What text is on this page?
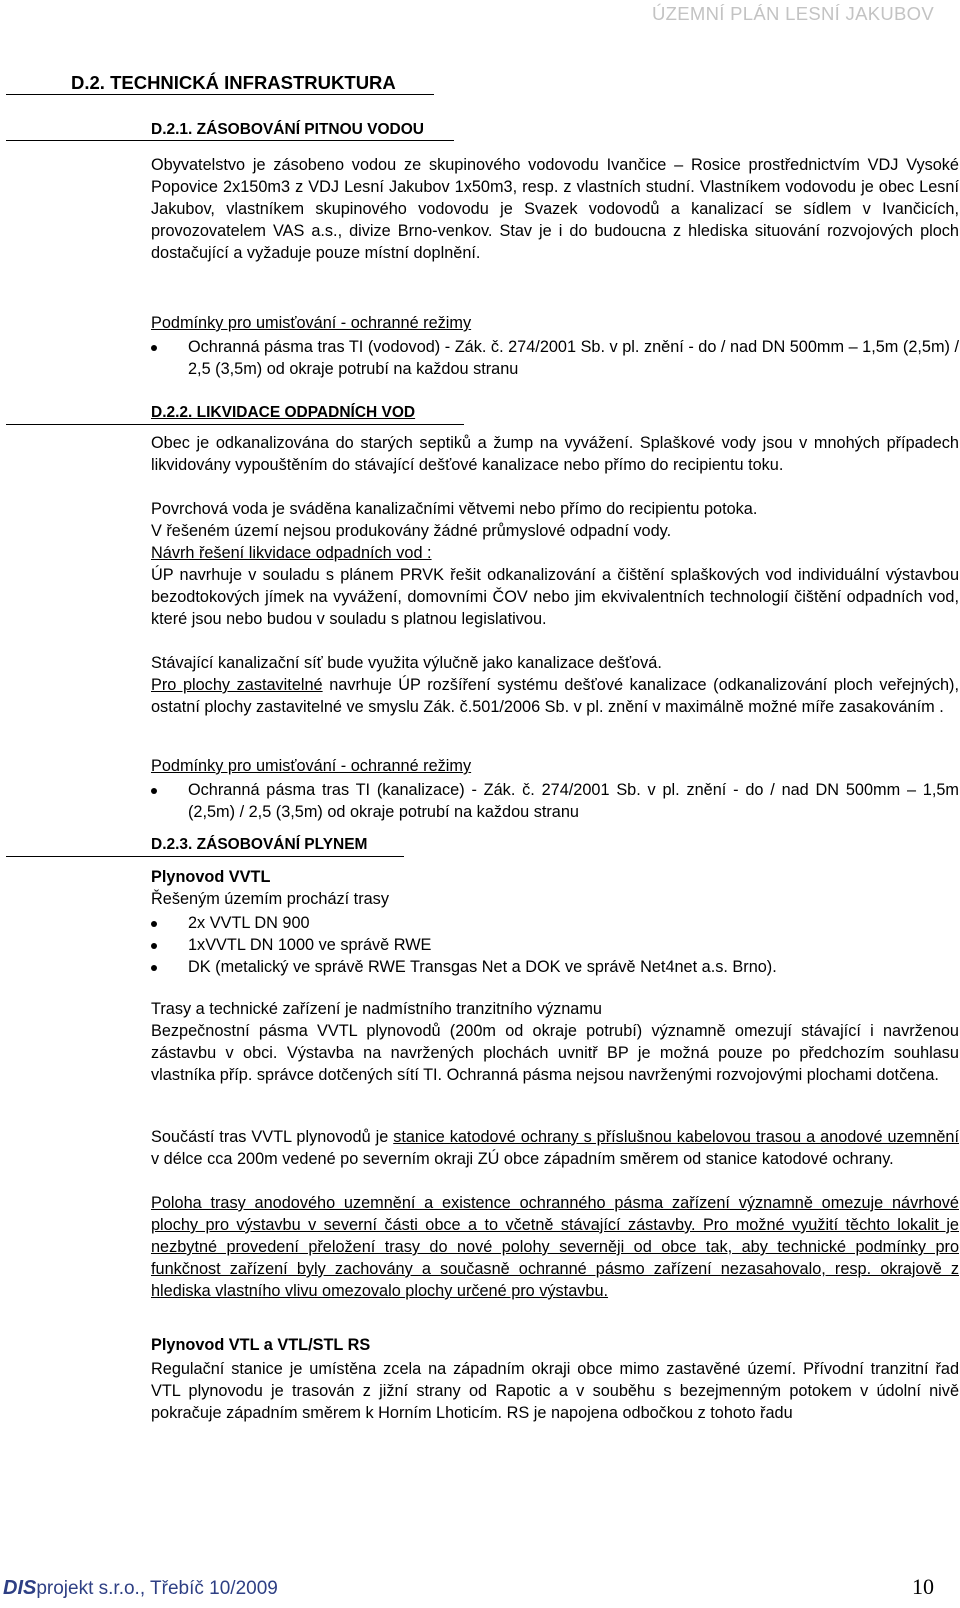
ÚZEMNÍ PLÁN LESNÍ JAKUBOV
D.2. TECHNICKÁ INFRASTRUKTURA
D.2.1. ZÁSOBOVÁNÍ PITNOU VODOU

Obyvatelstvo je zásobeno vodou ze skupinového vodovodu Ivančice – Rosice prostřednictvím VDJ Vysoké Popovice 2x150m3 z VDJ Lesní Jakubov 1x50m3, resp. z vlastních studní. Vlastníkem vodovodu je obec Lesní Jakubov, vlastníkem skupinového vodovodu je Svazek vodovodů a kanalizací se sídlem v Ivančicích, provozovatelem VAS a.s., divize Brno-venkov. Stav je i do budoucna z hlediska situování rozvojových ploch dostačující a vyžaduje pouze místní doplnění.

Podmínky pro umisťování - ochranné režimy
Ochranná pásma tras TI (vodovod) - Zák. č. 274/2001 Sb. v pl. znění - do / nad DN 500mm – 1,5m (2,5m) / 2,5 (3,5m) od okraje potrubí na každou stranu
D.2.2. LIKVIDACE ODPADNÍCH VOD

Obec je odkanalizována do starých septiků a žump na vyvážení. Splaškové vody jsou v mnohých případech likvidovány vypouštěním do stávající dešťové kanalizace nebo přímo do recipientu toku.

Povrchová voda je sváděna kanalizačními větvemi nebo přímo do recipientu potoka.

V řešeném území nejsou produkovány žádné průmyslové odpadní vody.

Návrh řešení likvidace odpadních vod :

ÚP navrhuje v souladu s plánem PRVK řešit odkanalizování a čištění splaškových vod individuální výstavbou bezodtokových jímek na vyvážení, domovními ČOV nebo jim ekvivalentních technologií čištění odpadních vod, které jsou nebo budou v souladu s platnou legislativou.

Stávající kanalizační síť bude využita výlučně jako kanalizace dešťová.

Pro plochy zastavitelné navrhuje ÚP rozšíření systému dešťové kanalizace (odkanalizování ploch veřejných), ostatní plochy zastavitelné ve smyslu Zák. č.501/2006 Sb. v pl. znění v maximálně možné míře zasakováním .

Podmínky pro umisťování - ochranné režimy
Ochranná pásma tras TI (kanalizace) - Zák. č. 274/2001 Sb. v pl. znění - do / nad DN 500mm – 1,5m (2,5m) / 2,5 (3,5m) od okraje potrubí na každou stranu
D.2.3. ZÁSOBOVÁNÍ PLYNEM
Plynovod VVTL
Řešeným územím prochází trasy
2x VVTL DN 900
1xVVTL DN 1000 ve správě RWE
DK (metalický ve správě RWE Transgas Net a DOK ve správě Net4net a.s. Brno).

Trasy a technické zařízení je nadmístního tranzitního významu

Bezpečnostní pásma VVTL plynovodů (200m od okraje potrubí) významně omezují stávající i navrženou zástavbu v obci. Výstavba na navržených plochách uvnitř BP je možná pouze po předchozím souhlasu vlastníka příp. správce dotčených sítí TI. Ochranná pásma nejsou navrženými rozvojovými plochami dotčena.

Součástí tras VVTL plynovodů je stanice katodové ochrany s příslušnou kabelovou trasou a anodové uzemnění v délce cca 200m vedené po severním okraji ZÚ obce západním směrem od stanice katodové ochrany.

Poloha trasy anodového uzemnění a existence ochranného pásma zařízení významně omezuje návrhové plochy pro výstavbu v severní části obce a to včetně stávající zástavby. Pro možné využití těchto lokalit je nezbytné provedení přeložení trasy do nové polohy severněji od obce tak, aby technické podmínky pro funkčnost zařízení byly zachovány a současně ochranné pásmo zařízení nezasahovalo, resp. okrajově z hlediska vlastního vlivu omezovalo plochy určené pro výstavbu.

Plynovod VTL a VTL/STL RS

Regulační stanice je umístěna zcela na západním okraji obce mimo zastavěné území. Přívodní tranzitní řad VTL plynovodu je trasován z jižní strany od Rapotic a v souběhu s bezejmenným potokem v údolní nivě pokračuje západním směrem k Horním Lhoticím. RS je napojena odbočkou z tohoto řadu

DISprojekt s.r.o., Třebíč 10/2009	10
